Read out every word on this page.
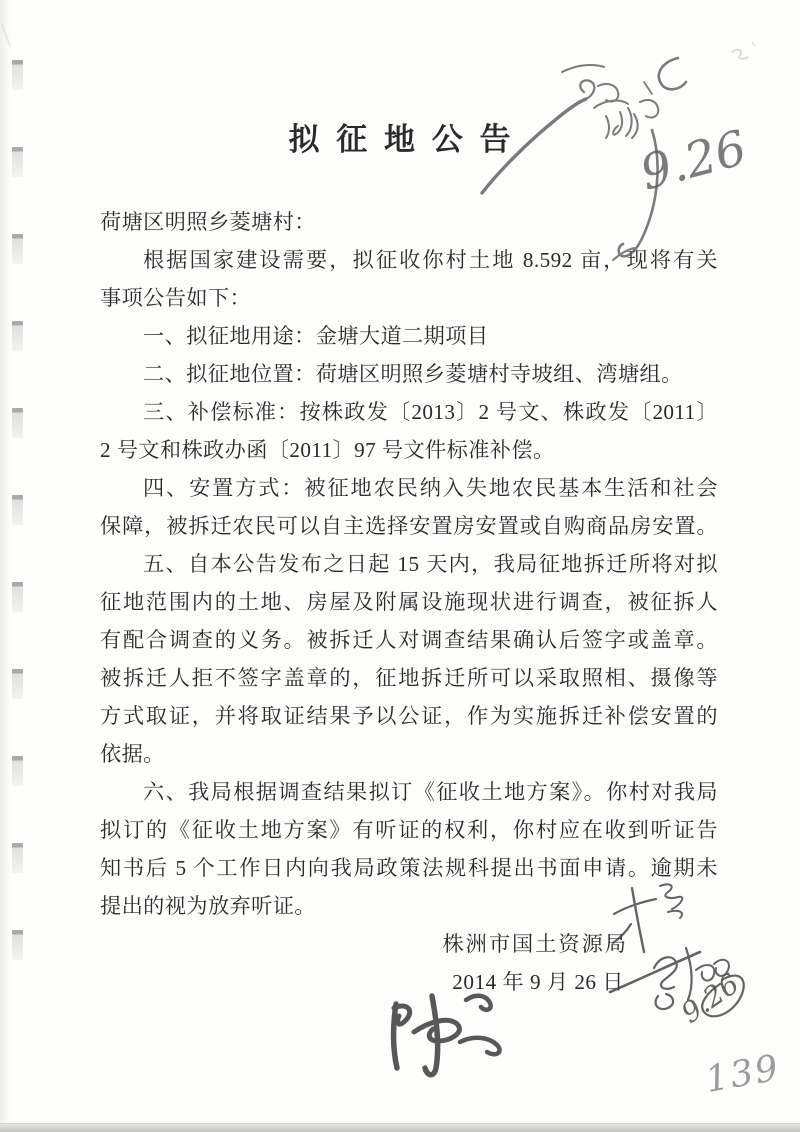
拟 征 地 公 告
荷塘区明照乡菱塘村：
根据国家建设需要，拟征收你村土地 8.592 亩，现将有关
事项公告如下：
一、拟征地用途：金塘大道二期项目
二、拟征地位置：荷塘区明照乡菱塘村寺坡组、湾塘组。
三、补偿标准：按株政发〔2013〕2 号文、株政发〔2011〕
2 号文和株政办函〔2011〕97 号文件标准补偿。
四、安置方式：被征地农民纳入失地农民基本生活和社会
保障，被拆迁农民可以自主选择安置房安置或自购商品房安置。
五、自本公告发布之日起 15 天内，我局征地拆迁所将对拟
征地范围内的土地、房屋及附属设施现状进行调查，被征拆人
有配合调查的义务。被拆迁人对调查结果确认后签字或盖章。
被拆迁人拒不签字盖章的，征地拆迁所可以采取照相、摄像等
方式取证，并将取证结果予以公证，作为实施拆迁补偿安置的
依据。
六、我局根据调查结果拟订《征收土地方案》。你村对我局
拟订的《征收土地方案》有听证的权利，你村应在收到听证告
知书后 5 个工作日内向我局政策法规科提出书面申请。逾期未
提出的视为放弃听证。
株洲市国土资源局
2014 年 9 月 26 日
9.26
9.26
139
